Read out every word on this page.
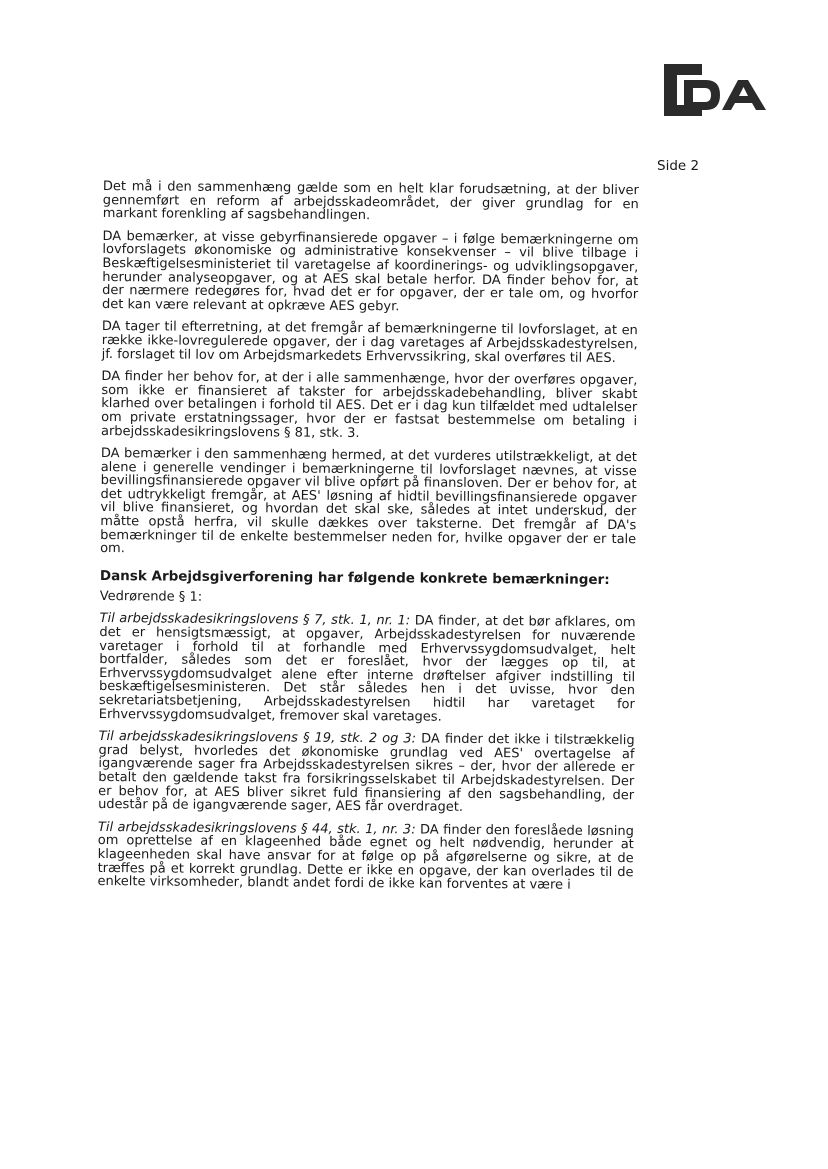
Side 2

Det må i den sammenhæng gælde som en helt klar forudsætning, at der bliver gennemført en reform af arbejdsskadeområdet, der giver grundlag for en markant forenkling af sagsbehandlingen.

DA bemærker, at visse gebyrfinansierede opgaver – i følge bemærkningerne om lovforslagets økonomiske og administrative konsekvenser – vil blive tilbage i Beskæftigelsesministeriet til varetagelse af koordinerings- og udviklingsopgaver, herunder analyseopgaver, og at AES skal betale herfor. DA finder behov for, at der nærmere redegøres for, hvad det er for opgaver, der er tale om, og hvorfor det kan være relevant at opkræve AES gebyr.

DA tager til efterretning, at det fremgår af bemærkningerne til lovforslaget, at en række ikke-lovregulerede opgaver, der i dag varetages af Arbejdsskadestyrelsen, jf. forslaget til lov om Arbejdsmarkedets Erhvervssikring, skal overføres til AES.

DA finder her behov for, at der i alle sammenhænge, hvor der overføres opgaver, som ikke er finansieret af takster for arbejdsskadebehandling, bliver skabt klarhed over betalingen i forhold til AES. Det er i dag kun tilfældet med udtalelser om private erstatningssager, hvor der er fastsat bestemmelse om betaling i arbejdsskadesikringslovens § 81, stk. 3.

DA bemærker i den sammenhæng hermed, at det vurderes utilstrækkeligt, at det alene i generelle vendinger i bemærkningerne til lovforslaget nævnes, at visse bevillingsfinansierede opgaver vil blive opført på finansloven. Der er behov for, at det udtrykkeligt fremgår, at AES' løsning af hidtil bevillingsfinansierede opgaver vil blive finansieret, og hvordan det skal ske, således at intet underskud, der måtte opstå herfra, vil skulle dækkes over taksterne. Det fremgår af DA's bemærkninger til de enkelte bestemmelser neden for, hvilke opgaver der er tale om.

Dansk Arbejdsgiverforening har følgende konkrete bemærkninger:

Vedrørende § 1:

Til arbejdsskadesikringslovens § 7, stk. 1, nr. 1: DA finder, at det bør afklares, om det er hensigtsmæssigt, at opgaver, Arbejdsskadestyrelsen for nuværende varetager i forhold til at forhandle med Erhvervssygdomsudvalget, helt bortfalder, således som det er foreslået, hvor der lægges op til, at Erhvervssygdomsudvalget alene efter interne drøftelser afgiver indstilling til beskæftigelsesministeren. Det står således hen i det uvisse, hvor den sekretariatsbetjening, Arbejdsskadestyrelsen hidtil har varetaget for Erhvervssygdomsudvalget, fremover skal varetages.

Til arbejdsskadesikringslovens § 19, stk. 2 og 3: DA finder det ikke i tilstrækkelig grad belyst, hvorledes det økonomiske grundlag ved AES' overtagelse af igangværende sager fra Arbejdsskadestyrelsen sikres – der, hvor der allerede er betalt den gældende takst fra forsikringsselskabet til Arbejdskadestyrelsen. Der er behov for, at AES bliver sikret fuld finansiering af den sagsbehandling, der udestår på de igangværende sager, AES får overdraget.

Til arbejdsskadesikringslovens § 44, stk. 1, nr. 3: DA finder den foreslåede løsning om oprettelse af en klageenhed både egnet og helt nødvendig, herunder at klageenheden skal have ansvar for at følge op på afgørelserne og sikre, at de træffes på et korrekt grundlag. Dette er ikke en opgave, der kan overlades til de enkelte virksomheder, blandt andet fordi de ikke kan forventes at være i
